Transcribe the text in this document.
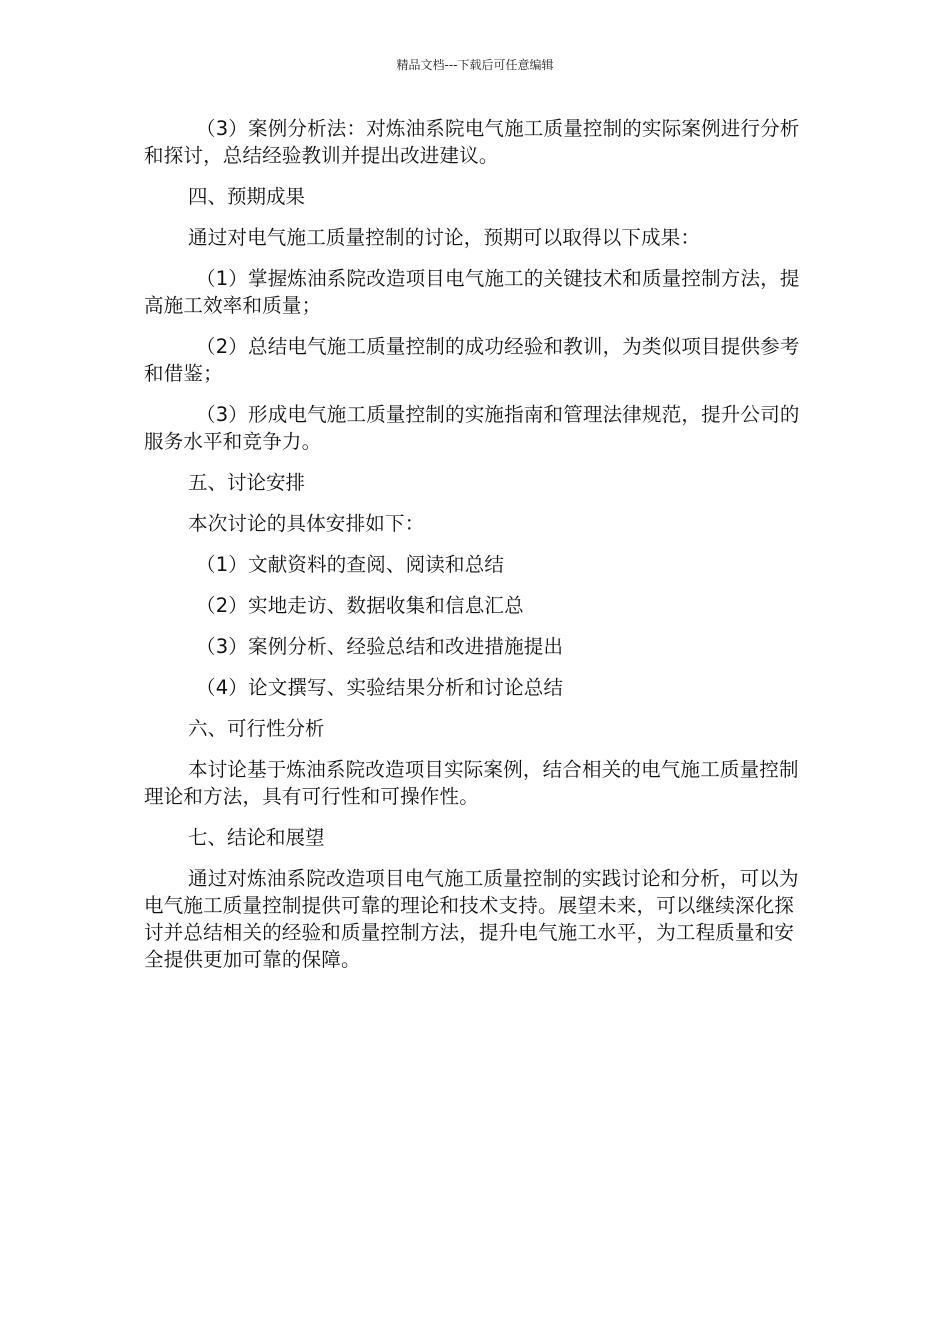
精品文档---下载后可任意编辑

（3）案例分析法：对炼油系院电气施工质量控制的实际案例进行分析和探讨，总结经验教训并提出改进建议。

四、预期成果

通过对电气施工质量控制的讨论，预期可以取得以下成果：

（1）掌握炼油系院改造项目电气施工的关键技术和质量控制方法，提高施工效率和质量；

（2）总结电气施工质量控制的成功经验和教训，为类似项目提供参考和借鉴；

（3）形成电气施工质量控制的实施指南和管理法律规范，提升公司的服务水平和竞争力。

五、讨论安排

本次讨论的具体安排如下：

（1）文献资料的查阅、阅读和总结

（2）实地走访、数据收集和信息汇总

（3）案例分析、经验总结和改进措施提出

（4）论文撰写、实验结果分析和讨论总结

六、可行性分析

本讨论基于炼油系院改造项目实际案例，结合相关的电气施工质量控制理论和方法，具有可行性和可操作性。

七、结论和展望

通过对炼油系院改造项目电气施工质量控制的实践讨论和分析，可以为电气施工质量控制提供可靠的理论和技术支持。展望未来，可以继续深化探讨并总结相关的经验和质量控制方法，提升电气施工水平，为工程质量和安全提供更加可靠的保障。
